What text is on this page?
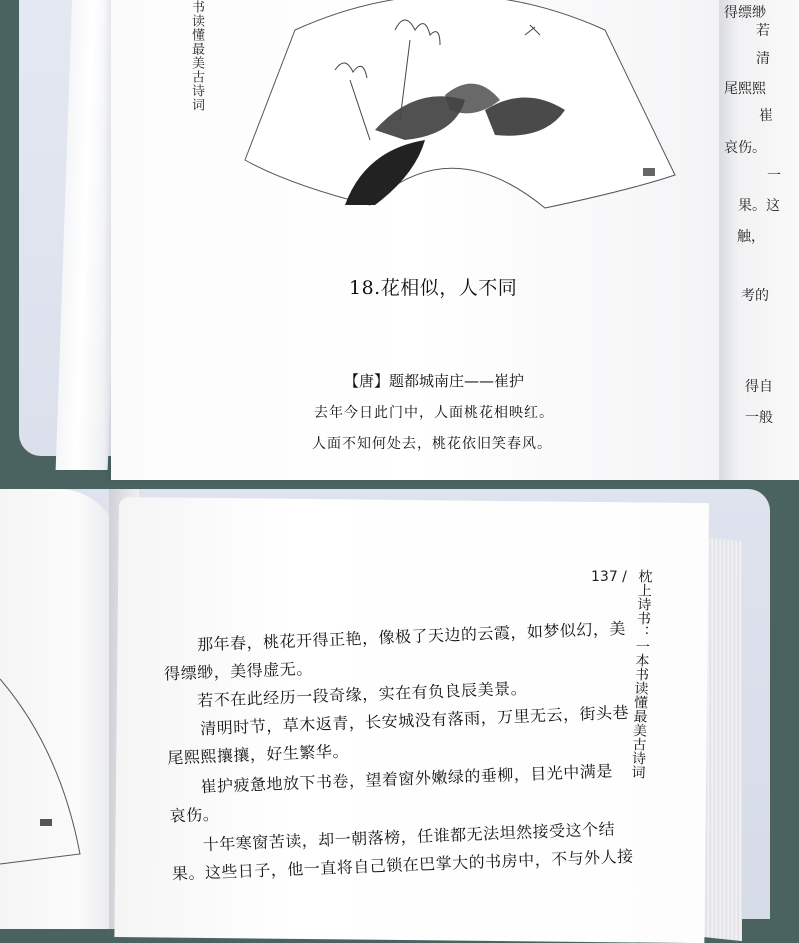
书读懂最美古诗词

18.花相似，人不同
【唐】题都城南庄——崔护
去年今日此门中，人面桃花相映红。
人面不知何处去，桃花依旧笑春风。
得缥缈
若
清
尾熙熙
崔
哀伤。
一
果。这
触，
考的
得自
一般
137 / 枕上诗书：一本书读懂最美古诗词
那年春，桃花开得正艳，像极了天边的云霞，如梦似幻，美
得缥缈，美得虚无。
若不在此经历一段奇缘，实在有负良辰美景。
清明时节，草木返青，长安城没有落雨，万里无云，街头巷
尾熙熙攘攘，好生繁华。
崔护疲惫地放下书卷，望着窗外嫩绿的垂柳，目光中满是
哀伤。
十年寒窗苦读，却一朝落榜，任谁都无法坦然接受这个结
果。这些日子，他一直将自己锁在巴掌大的书房中，不与外人接
